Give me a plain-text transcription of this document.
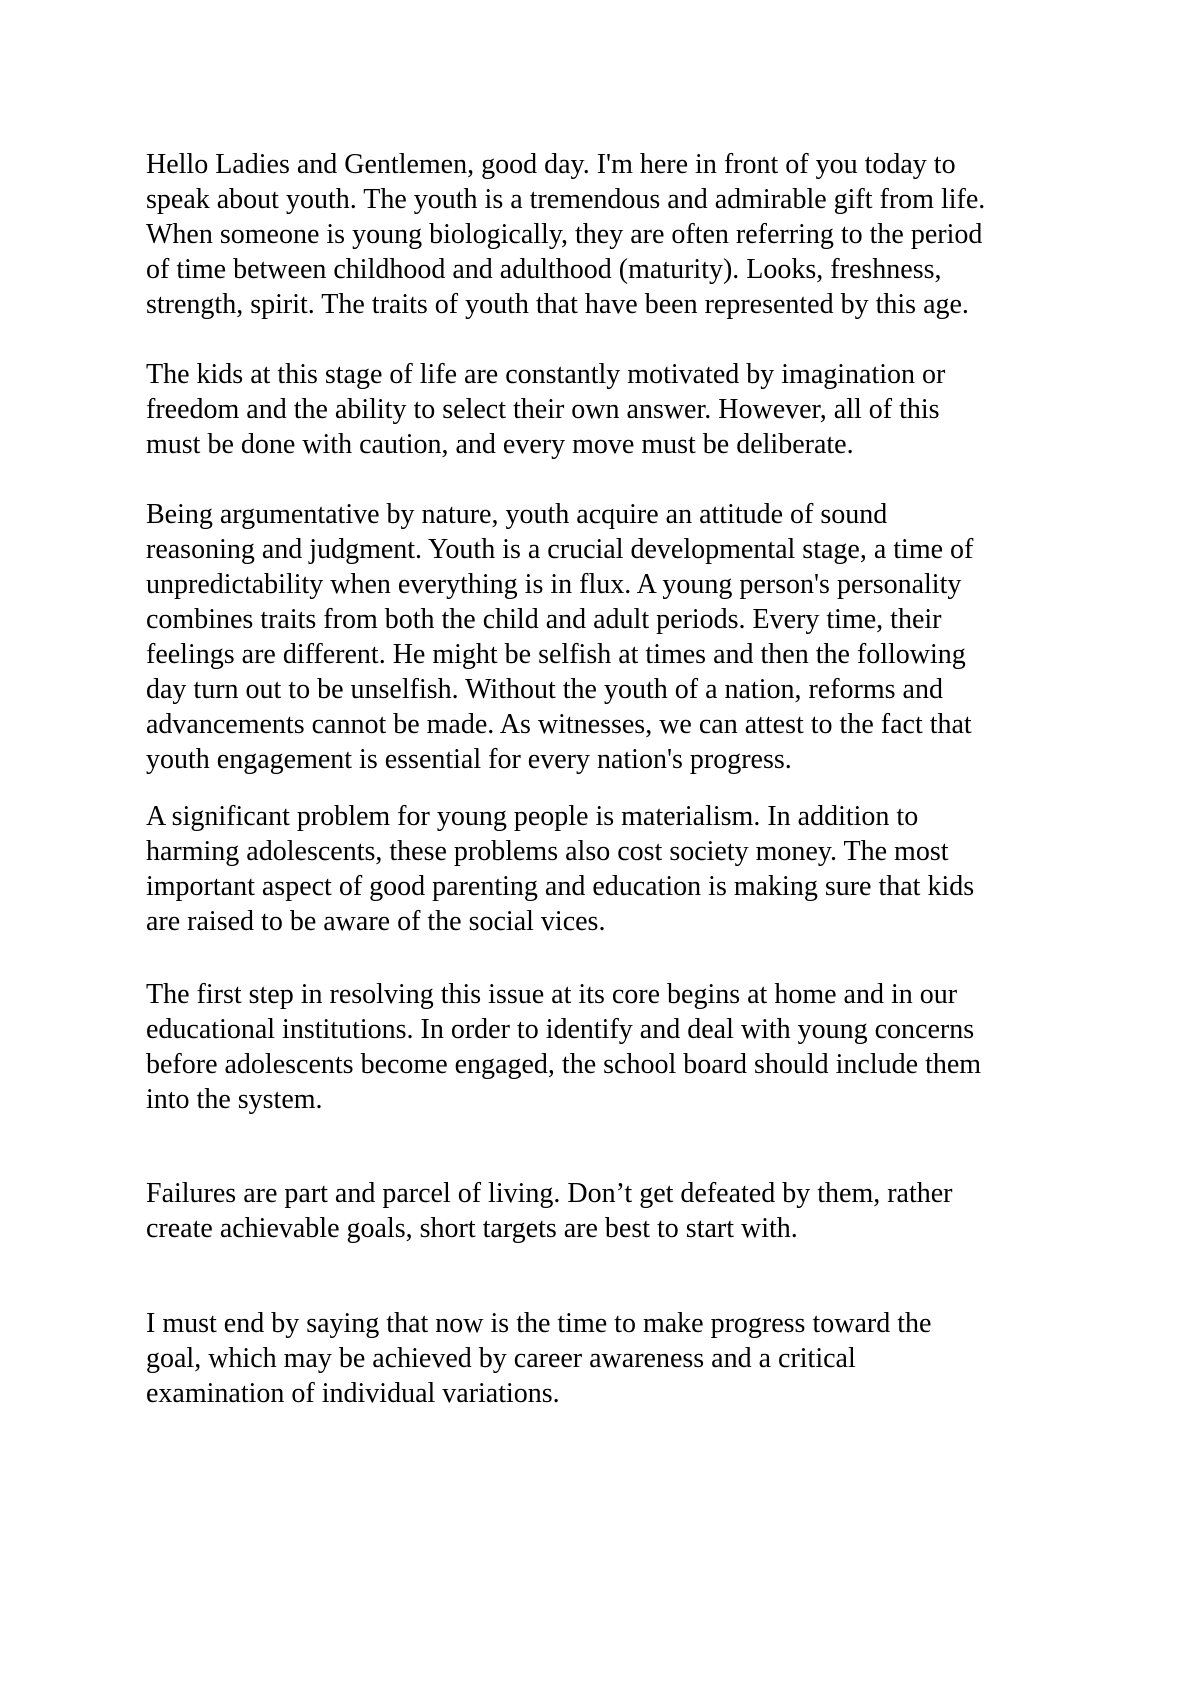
Hello Ladies and Gentlemen, good day. I'm here in front of you today to
speak about youth. The youth is a tremendous and admirable gift from life.
When someone is young biologically, they are often referring to the period
of time between childhood and adulthood (maturity). Looks, freshness,
strength, spirit. The traits of youth that have been represented by this age.

The kids at this stage of life are constantly motivated by imagination or
freedom and the ability to select their own answer. However, all of this
must be done with caution, and every move must be deliberate.

Being argumentative by nature, youth acquire an attitude of sound
reasoning and judgment. Youth is a crucial developmental stage, a time of
unpredictability when everything is in flux. A young person's personality
combines traits from both the child and adult periods. Every time, their
feelings are different. He might be selfish at times and then the following
day turn out to be unselfish. Without the youth of a nation, reforms and
advancements cannot be made. As witnesses, we can attest to the fact that
youth engagement is essential for every nation's progress.

A significant problem for young people is materialism. In addition to
harming adolescents, these problems also cost society money. The most
important aspect of good parenting and education is making sure that kids
are raised to be aware of the social vices.

The first step in resolving this issue at its core begins at home and in our
educational institutions. In order to identify and deal with young concerns
before adolescents become engaged, the school board should include them
into the system.

Failures are part and parcel of living. Don’t get defeated by them, rather
create achievable goals, short targets are best to start with.

I must end by saying that now is the time to make progress toward the
goal, which may be achieved by career awareness and a critical
examination of individual variations.
